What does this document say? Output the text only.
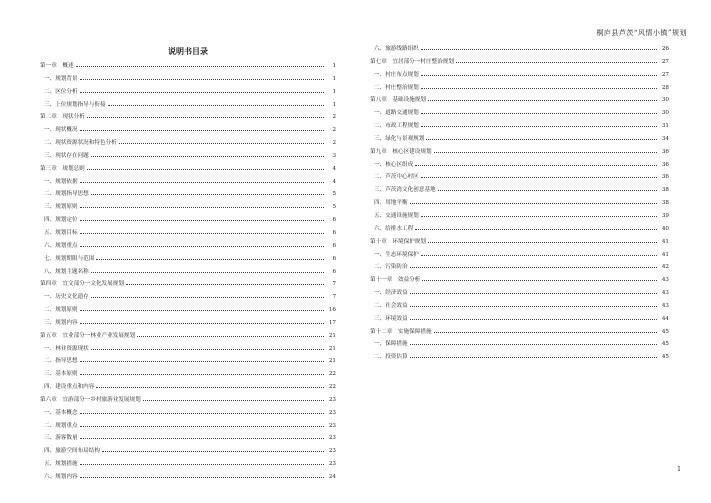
桐庐县芦茨“风情小镇”规划
说明书目录
第一章　概述	1
一、规划背景	1
二、区位分析	1
三、上位规划指导与衔接	1
第二章　现状分析	2
一、现状概况	2
二、现状资源状况和特色分析	2
三、现状存在问题	3
第三章　规划总则	4
一、规划依据	4
二、规划指导思想	5
三、规划原则	5
四、规划定位	6
五、规划目标	6
六、规划重点	6
七、规划期限与范围	6
八、规划主题名称	6
第四章　宜文部分一文化发展规划	7
一、历史文化遗存	7
二、规划原则	16
三、规划内容	17
第五章　宜业部分一林业产业发展规划	21
一、林业资源现状	21
二、指导思想	21
三、基本原则	22
四、建设重点和内容	22
第六章　宜游部分一乡村旅游业发展规划	23
一、基本概念	23
二、规划重点	23
三、游客数量	23
四、旅游空间布局结构	23
五、规划措施	23
六、规划内容	24
六、旅游线路组织	26
第七章　宜居部分一村庄整治规划	27
一、村庄布点规划	27
二、村庄整治规划	28
第八章　基础设施规划	30
一、道路交通规划	30
二、市政工程规划	31
三、绿化与景观规划	34
第九章　核心区建设规划	36
一、核心区组成	36
二、芦茨中心村区	36
三、芦茨湾文化创意基地	38
四、用地平衡	38
五、交通设施规划	39
六、给排水工程	40
第十章　环境保护规划	41
一、生态环境保护	41
二、污染防治	42
第十一章　效益分析	43
一、经济效益	43
二、社会效益	43
三、环境效益	44
第十二章　实施保障措施	45
一、保障措施	45
二、投资估算	45
1
